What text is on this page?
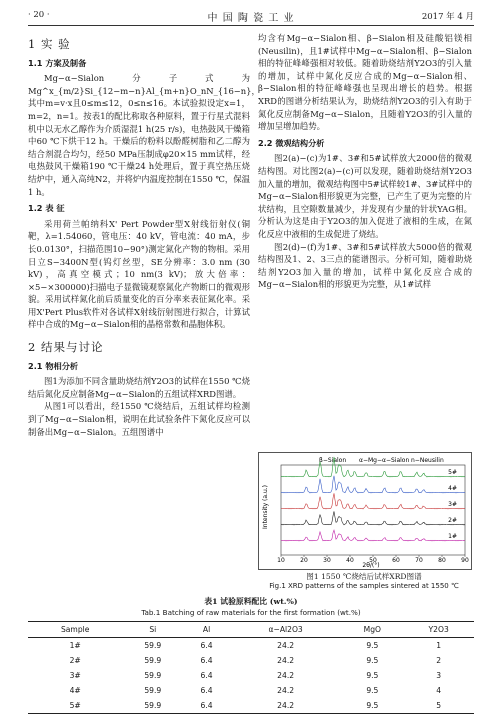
· 20 ·	中 国 陶 瓷 工 业	2017 年 4 月
1 实 验
1.1 方案及制备

Mg−α−Sialon分子式为Mg^x_{m/2}Si_{12−m−n}Al_{m+n}O_nN_{16−n}，其中m=v·x且0≤m≤12，0≤n≤16。本试验拟设定x=1，m=2，n=1。按表1的配比称取各种原料，置于行星式混料机中以无水乙醇作为介质湿混1 h(25 r/s)，电热鼓风干燥箱中60 ℃下烘干12 h。干燥后的粉料以酚醛树脂和乙二醇为结合剂混合均匀，经50 MPa压制成φ20×15 mm试样，经电热鼓风干燥箱190 ℃干燥24 h处理后，置于真空热压烧结炉中，通入高纯N2，并将炉内温度控制在1550 ℃，保温1 h。

1.2 表 征

采用荷兰帕纳科X' Pert Powder型X射线衍射仪(铜靶，λ=1.54060，管电压：40 kV，管电流：40 mA，步长0.0130°，扫描范围10−90°)测定氮化产物的物相。采用日立S−3400N型(钨灯丝型，SE分辨率：3.0 nm (30 kV)，高真空模式；10 nm(3 kV)；放大倍率：×5−×300000)扫描电子显微镜观察氮化产物断口的微观形貌。采用试样氮化前后质量变化的百分率来表征氮化率。采用X'Pert Plus软件对各试样X射线衍射图进行拟合，计算试样中合成的Mg−α−Sialon相的晶格常数和晶胞体积。

2 结果与讨论
2.1 物相分析

图1为添加不同含量助烧结剂Y2O3的试样在1550 ℃烧结后氮化反应制备Mg−α−Sialon的五组试样XRD图谱。

从图1可以看出，经1550 ℃烧结后，五组试样均检测到了Mg−α−Sialon相，说明在此试验条件下氮化反应可以制备出Mg−α−Sialon。五组图谱中

均含有Mg−α−Sialon相、β−Sialon相及硅酸铝镁相(Neusilin)，且1#试样中Mg−α−Sialon相、β−Sialon相的特征峰峰强相对较低。随着助烧结剂Y2O3的引入量的增加，试样中氮化反应合成的Mg−α−Sialon相、β−Sialon相的特征峰峰强也呈现出增长的趋势。根据XRD的图谱分析结果认为，助烧结剂Y2O3的引入有助于氮化反应制备Mg−α−Sialon，且随着Y2O3的引入量的增加呈增加趋势。

2.2 微观结构分析

图2(a)−(c)为1#、3#和5#试样放大2000倍的微观结构图。对比图2(a)−(c)可以发现，随着助烧结剂Y2O3加入量的增加，微观结构图中5#试样较1#、3#试样中的Mg−α−Sialon相形貌更为完整，已产生了更为完整的片状结构，且空隙数量减少，并发现有少量的针状YAG相。分析认为这是由于Y2O3的加入促进了液相的生成，在氮化反应中液相的生成促进了烧结。

图2(d)−(f)为1#、3#和5#试样放大5000倍的微观结构图及1、2、3三点的能谱图示。分析可知，随着助烧结剂Y2O3加入量的增加，试样中氮化反应合成的Mg−α−Sialon相的形貌更为完整，从1#试样

β−Sialon α−Mg−α−Sialon n−Neusilin
Intensity (a.u.)
5#
4#
3#
2#
1#
10	20	30	40	50	60	70	80	90
2θ/(°)
图1 1550 ℃烧结后试样XRD图谱
Fig.1 XRD patterns of the samples sintered at 1550 ℃
表1 试验原料配比 (wt.%)
Tab.1 Batching of raw materials for the first formation (wt.%)
Sample	Si	Al	α−Al2O3	MgO	Y2O3
1#	59.9	6.4	24.2	9.5	1
2#	59.9	6.4	24.2	9.5	2
3#	59.9	6.4	24.2	9.5	3
4#	59.9	6.4	24.2	9.5	4
5#	59.9	6.4	24.2	9.5	5
